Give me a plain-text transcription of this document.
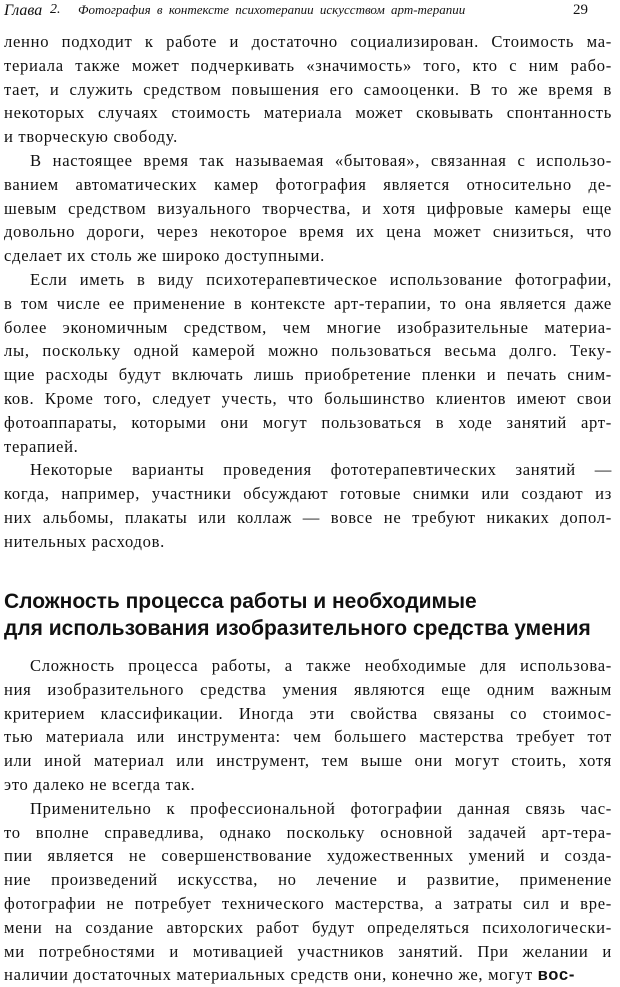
Глава 2. Фотография в контексте психотерапии искусством арт-терапии	29
ленно подходит к работе и достаточно социализирован. Стоимость ма-
териала также может подчеркивать «значимость» того, кто с ним рабо-
тает, и служить средством повышения его самооценки. В то же время в
некоторых случаях стоимость материала может сковывать спонтанность
и творческую свободу.
В настоящее время так называемая «бытовая», связанная с использо-
ванием автоматических камер фотография является относительно де-
шевым средством визуального творчества, и хотя цифровые камеры еще
довольно дороги, через некоторое время их цена может снизиться, что
сделает их столь же широко доступными.
Если иметь в виду психотерапевтическое использование фотографии,
в том числе ее применение в контексте арт-терапии, то она является даже
более экономичным средством, чем многие изобразительные материа-
лы, поскольку одной камерой можно пользоваться весьма долго. Теку-
щие расходы будут включать лишь приобретение пленки и печать сним-
ков. Кроме того, следует учесть, что большинство клиентов имеют свои
фотоаппараты, которыми они могут пользоваться в ходе занятий арт-
терапией.
Некоторые варианты проведения фототерапевтических занятий —
когда, например, участники обсуждают готовые снимки или создают из
них альбомы, плакаты или коллаж — вовсе не требуют никаких допол-
нительных расходов.
Сложность процесса работы и необходимые
для использования изобразительного средства умения
Сложность процесса работы, а также необходимые для использова-
ния изобразительного средства умения являются еще одним важным
критерием классификации. Иногда эти свойства связаны со стоимос-
тью материала или инструмента: чем большего мастерства требует тот
или иной материал или инструмент, тем выше они могут стоить, хотя
это далеко не всегда так.
Применительно к профессиональной фотографии данная связь час-
то вполне справедлива, однако поскольку основной задачей арт-тера-
пии является не совершенствование художественных умений и созда-
ние произведений искусства, но лечение и развитие, применение
фотографии не потребует технического мастерства, а затраты сил и вре-
мени на создание авторских работ будут определяться психологически-
ми потребностями и мотивацией участников занятий. При желании и
наличии достаточных материальных средств они, конечно же, могут вос-
